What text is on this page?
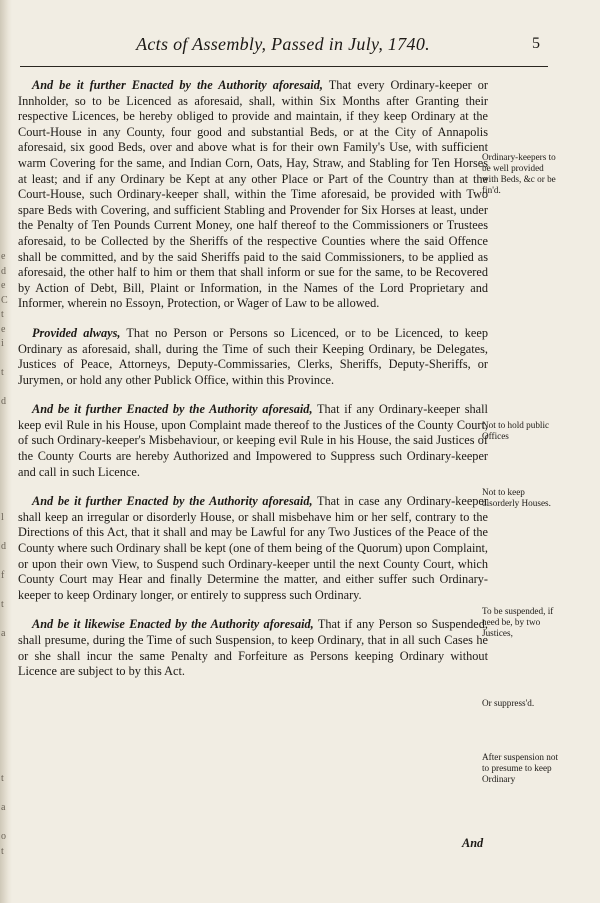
e
d
e
C
t
e
i

t

d

l

d

f

t

a

t

a

o
t
Acts of Assembly, Passed in July, 1740.	5

And be it further Enacted by the Authority aforesaid, That every Ordinary-keeper or Innholder, so to be Licenced as aforesaid, shall, within Six Months after Granting their respective Licences, be hereby obliged to provide and maintain, if they keep Ordinary at the Court-House in any County, four good and substantial Beds, or at the City of Annapolis aforesaid, six good Beds, over and above what is for their own Family's Use, with sufficient warm Covering for the same, and Indian Corn, Oats, Hay, Straw, and Stabling for Ten Horses at least; and if any Ordinary be Kept at any other Place or Part of the Country than at the Court-House, such Ordinary-keeper shall, within the Time aforesaid, be provided with Two spare Beds with Covering, and sufficient Stabling and Provender for Six Horses at least, under the Penalty of Ten Pounds Current Money, one half thereof to the Commissioners or Trustees aforesaid, to be Collected by the Sheriffs of the respective Counties where the said Offence shall be committed, and by the said Sheriffs paid to the said Commissioners, to be applied as aforesaid, the other half to him or them that shall inform or sue for the same, to be Recovered by Action of Debt, Bill, Plaint or Information, in the Names of the Lord Proprietary and Informer, wherein no Essoyn, Protection, or Wager of Law to be allowed.

Provided always, That no Person or Persons so Licenced, or to be Licenced, to keep Ordinary as aforesaid, shall, during the Time of such their Keeping Ordinary, be Delegates, Justices of Peace, Attorneys, Deputy-Commissaries, Clerks, Sheriffs, Deputy-Sheriffs, or Jurymen, or hold any other Publick Office, within this Province.

And be it further Enacted by the Authority aforesaid, That if any Ordinary-keeper shall keep evil Rule in his House, upon Complaint made thereof to the Justices of the County Court, of such Ordinary-keeper's Misbehaviour, or keeping evil Rule in his House, the said Justices of the County Courts are hereby Authorized and Impowered to Suppress such Ordinary-keeper and call in such Licence.

And be it further Enacted by the Authority aforesaid, That in case any Ordinary-keeper shall keep an irregular or disorderly House, or shall misbehave him or her self, contrary to the Directions of this Act, that it shall and may be Lawful for any Two Justices of the Peace of the County where such Ordinary shall be kept (one of them being of the Quorum) upon Complaint, or upon their own View, to Suspend such Ordinary-keeper until the next County Court, which County Court may Hear and finally Determine the matter, and either suffer such Ordinary-keeper to keep Ordinary longer, or entirely to suppress such Ordinary.

And be it likewise Enacted by the Authority aforesaid, That if any Person so Suspended, shall presume, during the Time of such Suspension, to keep Ordinary, that in all such Cases he or she shall incur the same Penalty and Forfeiture as Persons keeping Ordinary without Licence are subject to by this Act.

Ordinary-keepers to be well provided with Beds, &c or be fin'd.
Not to hold public Offices
Not to keep disorderly Houses.
To be suspended, if need be, by two Justices,
Or suppress'd.
After suspension not to presume to keep Ordinary
And
